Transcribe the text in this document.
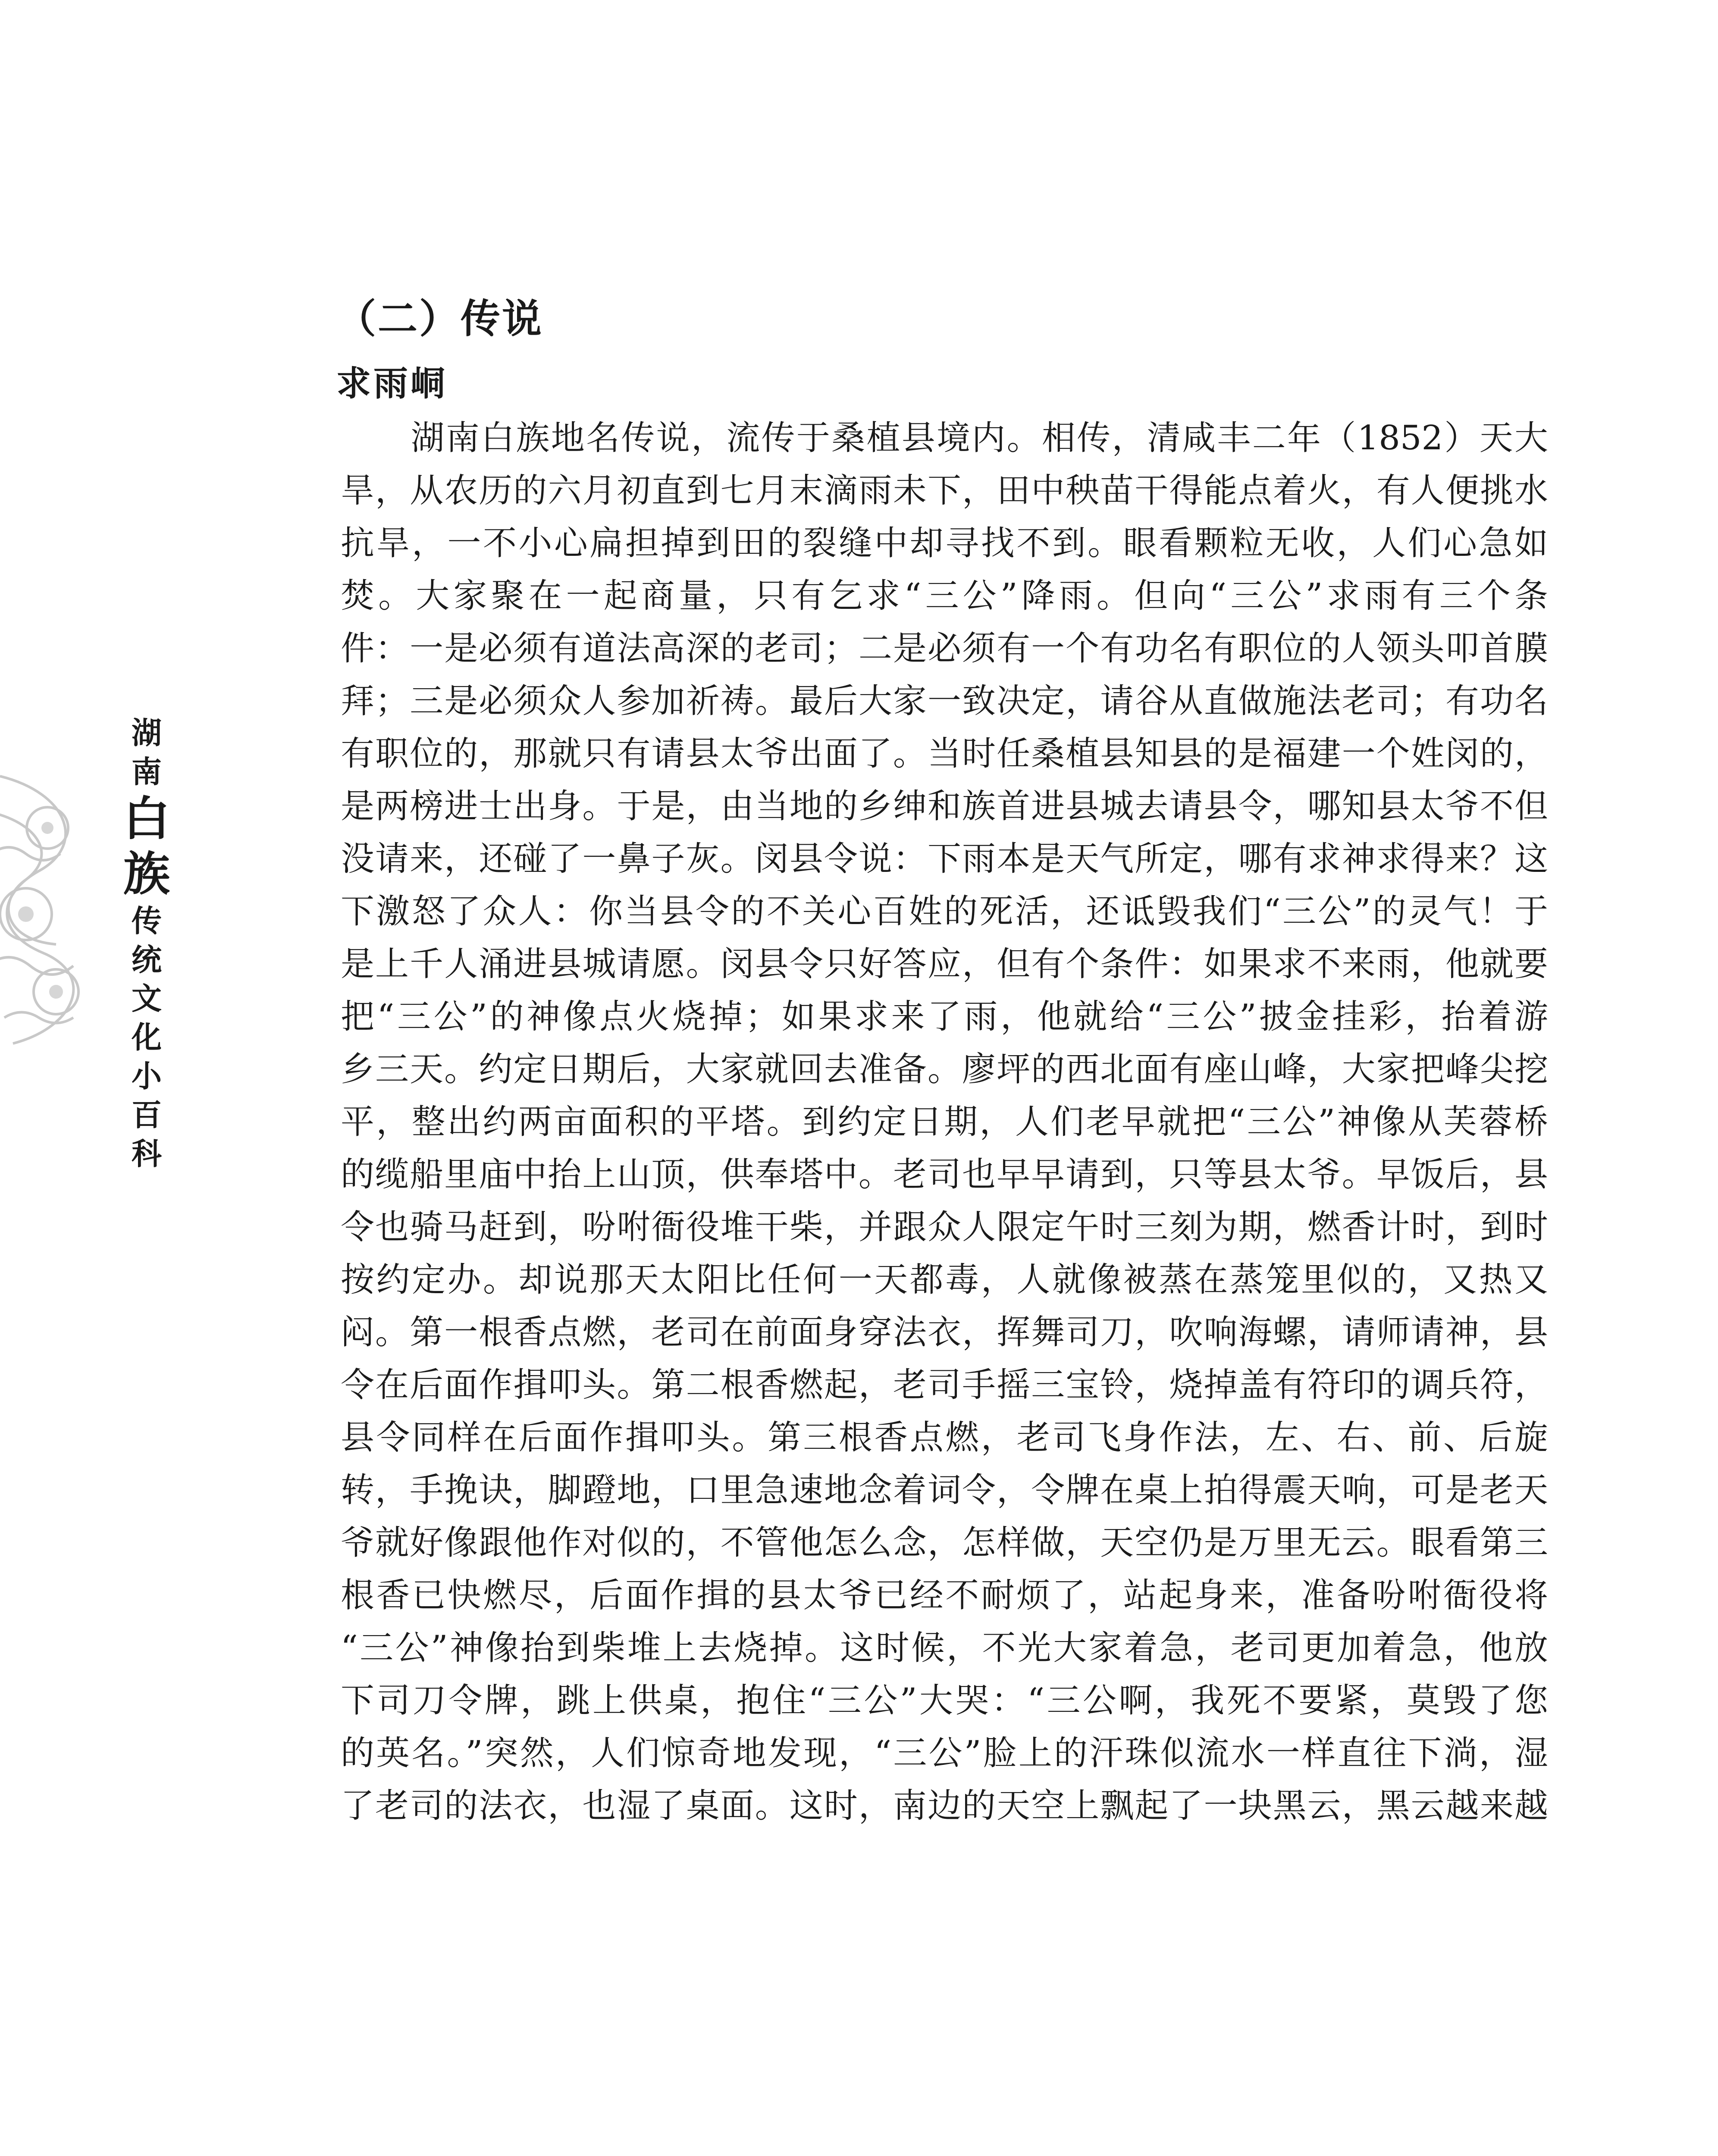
湖
南
白
族
传
统
文
化
小
百
科
（二）传说
求雨峒
　　湖南白族地名传说，流传于桑植县境内。相传，清咸丰二年（1852）天大
旱，从农历的六月初直到七月末滴雨未下，田中秧苗干得能点着火，有人便挑水
抗旱，一不小心扁担掉到田的裂缝中却寻找不到。眼看颗粒无收，人们心急如
焚。大家聚在一起商量，只有乞求“三公”降雨。但向“三公”求雨有三个条
件：一是必须有道法高深的老司；二是必须有一个有功名有职位的人领头叩首膜
拜；三是必须众人参加祈祷。最后大家一致决定，请谷从直做施法老司；有功名
有职位的，那就只有请县太爷出面了。当时任桑植县知县的是福建一个姓闵的，
是两榜进士出身。于是，由当地的乡绅和族首进县城去请县令，哪知县太爷不但
没请来，还碰了一鼻子灰。闵县令说：下雨本是天气所定，哪有求神求得来？这
下激怒了众人：你当县令的不关心百姓的死活，还诋毁我们“三公”的灵气！于
是上千人涌进县城请愿。闵县令只好答应，但有个条件：如果求不来雨，他就要
把“三公”的神像点火烧掉；如果求来了雨，他就给“三公”披金挂彩，抬着游
乡三天。约定日期后，大家就回去准备。廖坪的西北面有座山峰，大家把峰尖挖
平，整出约两亩面积的平塔。到约定日期，人们老早就把“三公”神像从芙蓉桥
的缆船里庙中抬上山顶，供奉塔中。老司也早早请到，只等县太爷。早饭后，县
令也骑马赶到，吩咐衙役堆干柴，并跟众人限定午时三刻为期，燃香计时，到时
按约定办。却说那天太阳比任何一天都毒，人就像被蒸在蒸笼里似的，又热又
闷。第一根香点燃，老司在前面身穿法衣，挥舞司刀，吹响海螺，请师请神，县
令在后面作揖叩头。第二根香燃起，老司手摇三宝铃，烧掉盖有符印的调兵符，
县令同样在后面作揖叩头。第三根香点燃，老司飞身作法，左、右、前、后旋
转，手挽诀，脚蹬地，口里急速地念着词令，令牌在桌上拍得震天响，可是老天
爷就好像跟他作对似的，不管他怎么念，怎样做，天空仍是万里无云。眼看第三
根香已快燃尽，后面作揖的县太爷已经不耐烦了，站起身来，准备吩咐衙役将
“三公”神像抬到柴堆上去烧掉。这时候，不光大家着急，老司更加着急，他放
下司刀令牌，跳上供桌，抱住“三公”大哭：“三公啊，我死不要紧，莫毁了您
的英名。”突然，人们惊奇地发现，“三公”脸上的汗珠似流水一样直往下淌，湿
了老司的法衣，也湿了桌面。这时，南边的天空上飘起了一块黑云，黑云越来越
